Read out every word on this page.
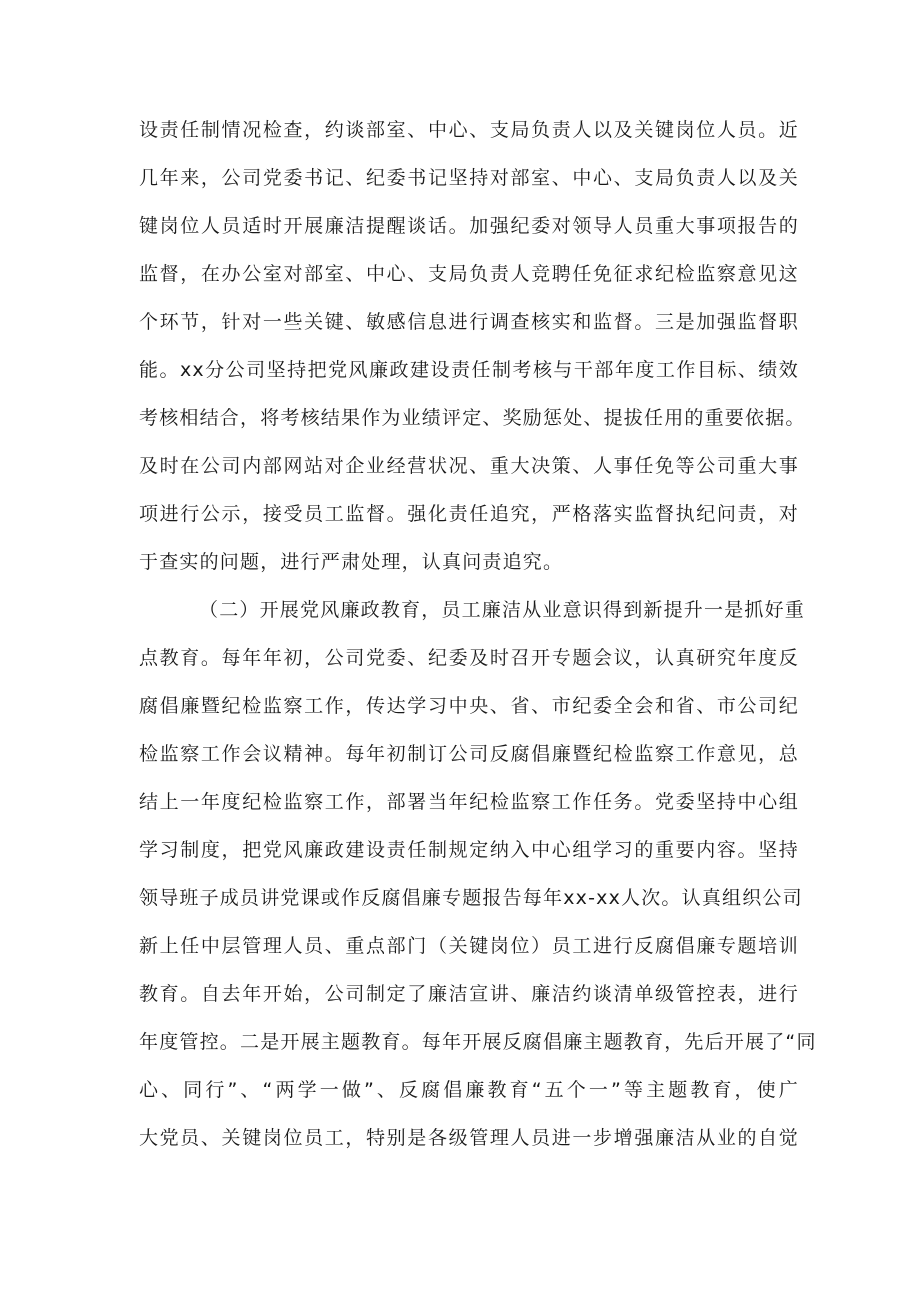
设责任制情况检查，约谈部室、中心、支局负责人以及关键岗位人员。近
几年来，公司党委书记、纪委书记坚持对部室、中心、支局负责人以及关
键岗位人员适时开展廉洁提醒谈话。加强纪委对领导人员重大事项报告的
监督，在办公室对部室、中心、支局负责人竞聘任免征求纪检监察意见这
个环节，针对一些关键、敏感信息进行调查核实和监督。三是加强监督职
能。xx分公司坚持把党风廉政建设责任制考核与干部年度工作目标、绩效
考核相结合，将考核结果作为业绩评定、奖励惩处、提拔任用的重要依据。
及时在公司内部网站对企业经营状况、重大决策、人事任免等公司重大事
项进行公示，接受员工监督。强化责任追究，严格落实监督执纪问责，对
于查实的问题，进行严肃处理，认真问责追究。
（二）开展党风廉政教育，员工廉洁从业意识得到新提升一是抓好重
点教育。每年年初，公司党委、纪委及时召开专题会议，认真研究年度反
腐倡廉暨纪检监察工作，传达学习中央、省、市纪委全会和省、市公司纪
检监察工作会议精神。每年初制订公司反腐倡廉暨纪检监察工作意见，总
结上一年度纪检监察工作，部署当年纪检监察工作任务。党委坚持中心组
学习制度，把党风廉政建设责任制规定纳入中心组学习的重要内容。坚持
领导班子成员讲党课或作反腐倡廉专题报告每年xx-xx人次。认真组织公司
新上任中层管理人员、重点部门（关键岗位）员工进行反腐倡廉专题培训
教育。自去年开始，公司制定了廉洁宣讲、廉洁约谈清单级管控表，进行
年度管控。二是开展主题教育。每年开展反腐倡廉主题教育，先后开展了“同
心、同行”、“两学一做”、反腐倡廉教育“五个一”等主题教育，使广
大党员、关键岗位员工，特别是各级管理人员进一步增强廉洁从业的自觉
